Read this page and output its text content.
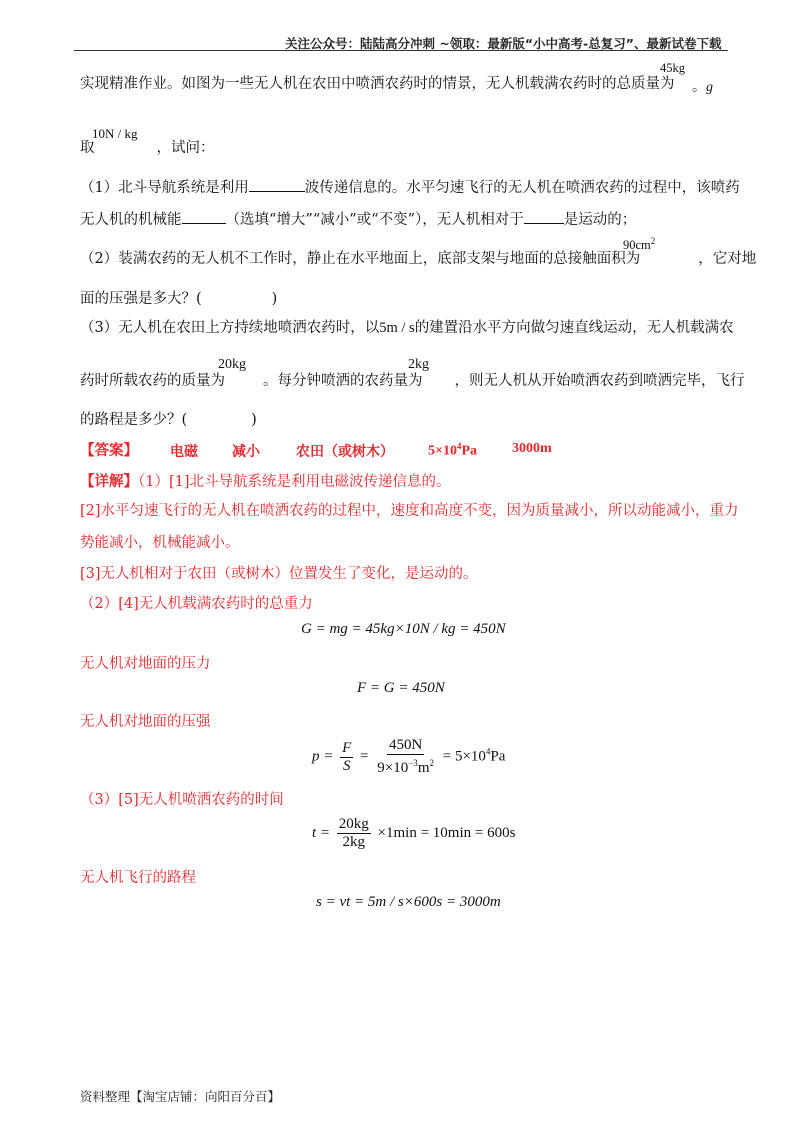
关注公众号：陆陆高分冲刺 ~领取：最新版“小中高考-总复习”、最新试卷下载
实现精准作业。如图为一些无人机在农田中喷洒农药时的情景，无人机载满农药时的总质量为
45kg
。g
10N / kg
取	，试问：
（1）北斗导航系统是利用	波传递信息的。水平匀速飞行的无人机在喷洒农药的过程中，该喷药
无人机的机械能	（选填“增大”“减小”或“不变”），无人机相对于	是运动的；
（2）装满农药的无人机不工作时，静止在水平地面上，底部支架与地面的总接触面积为	，它对地
$90cm^2$
面的压强是多大？(	)
（3）无人机在农田上方持续地喷洒农药时，以5m / s的建置沿水平方向做匀速直线运动，无人机载满农
20kg	2kg
药时所载农药的质量为	。每分钟喷洒的农药量为 ，则无人机从开始喷洒农药到喷洒完毕，飞行
的路程是多少？(	)
【答案】 电磁 减小	农田（或树木） $5\times 10^4Pa$ 3000m
【详解】（1）[1]北斗导航系统是利用电磁波传递信息的。
[2]水平匀速飞行的无人机在喷洒农药的过程中，速度和高度不变，因为质量减小，所以动能减小，重力
势能减小，机械能减小。
[3]无人机相对于农田（或树木）位置发生了变化，是运动的。
（2）[4]无人机载满农药时的总重力
G = mg = 45kg×10N / kg = 450N
无人机对地面的压力
F = G = 450N
无人机对地面的压强
$p = \frac{F}{S} = \frac{450N}{9\times 10^{-3}m^2} = 5\times 10^4Pa$
（3）[5]无人机喷洒农药的时间
$t = \frac{20kg}{2kg} \times 1\min = 10\min = 600s$
无人机飞行的路程
s = vt = 5m / s×600s = 3000m
资料整理【淘宝店铺：向阳百分百】
